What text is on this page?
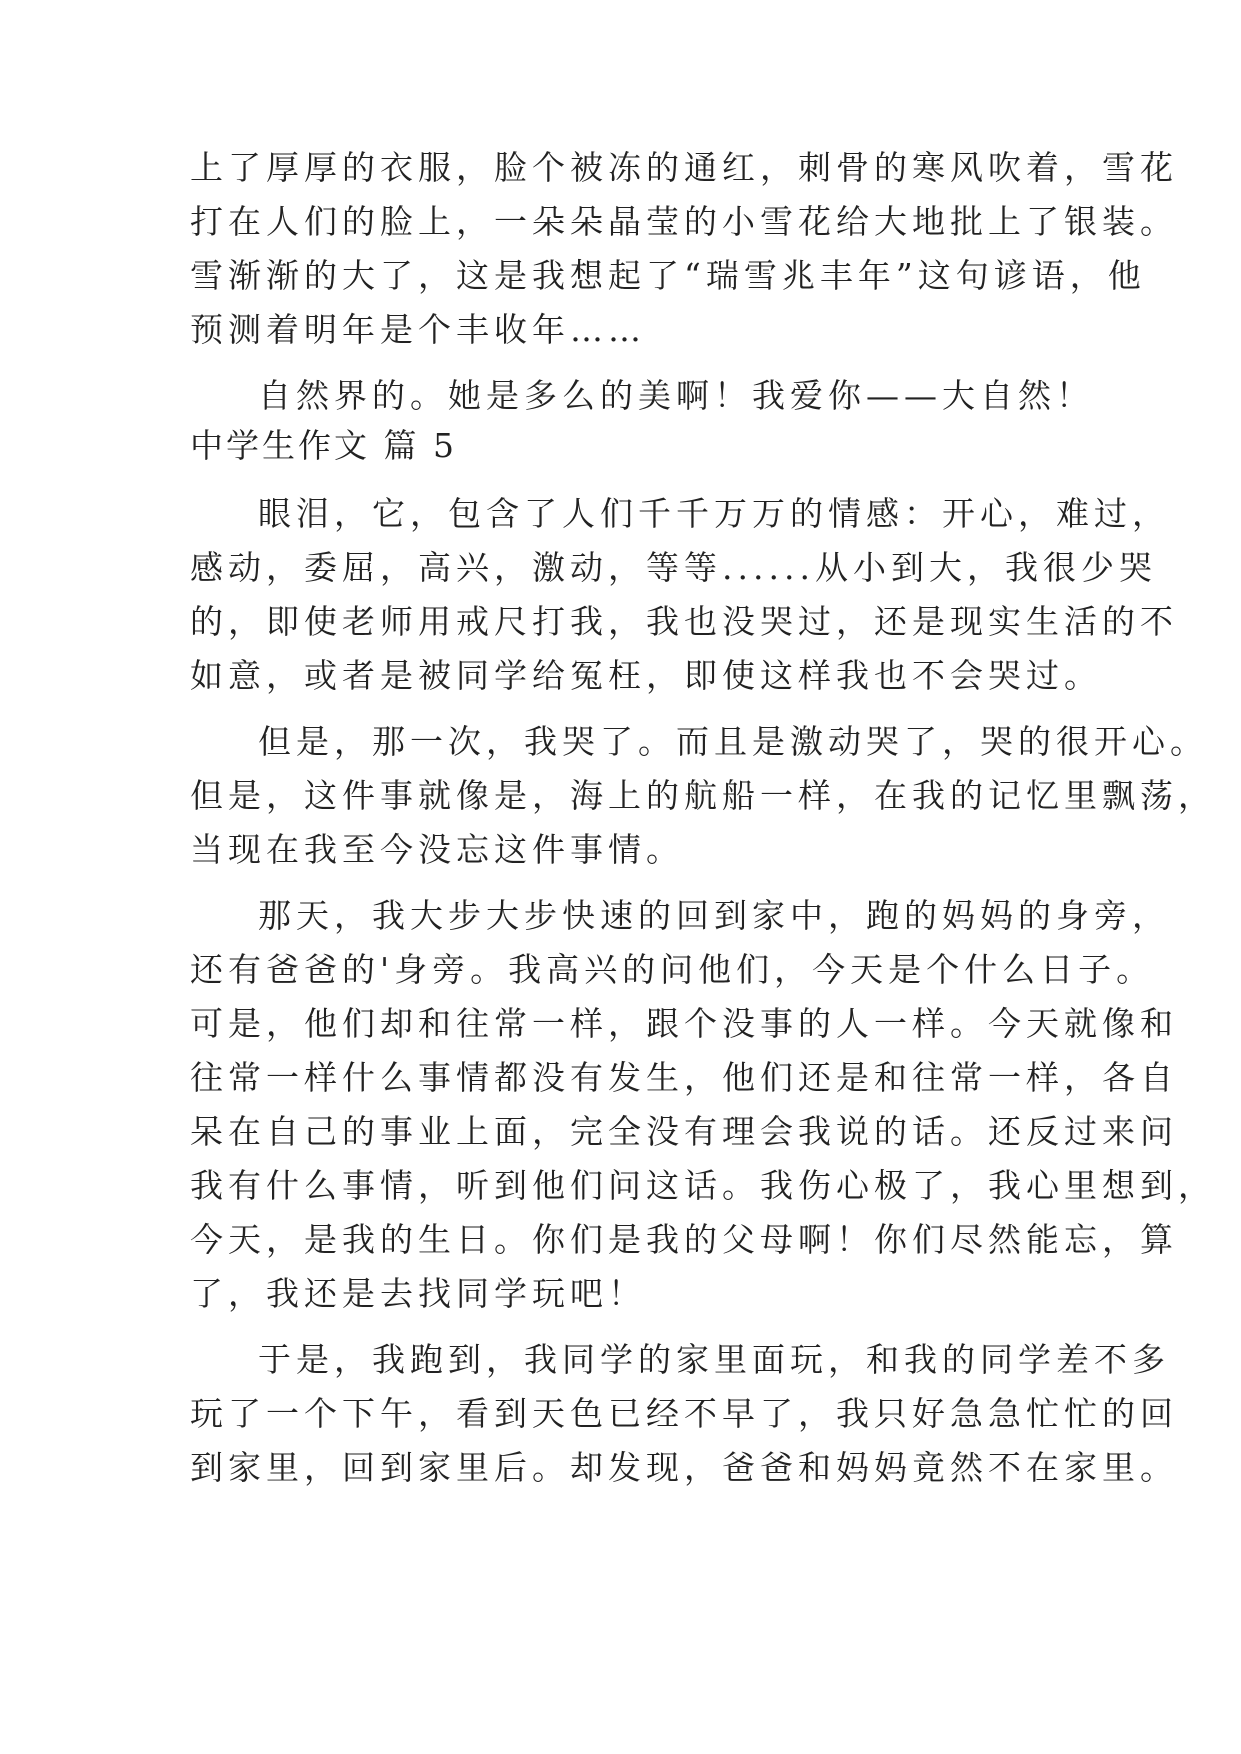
上了厚厚的衣服，脸个被冻的通红，刺骨的寒风吹着，雪花
打在人们的脸上，一朵朵晶莹的小雪花给大地批上了银装。
雪渐渐的大了，这是我想起了“瑞雪兆丰年”这句谚语，他
预测着明年是个丰收年……
自然界的。她是多么的美啊！我爱你——大自然！
中学生作文 篇 5
眼泪，它，包含了人们千千万万的情感：开心，难过，
感动，委屈，高兴，激动，等等......从小到大，我很少哭
的，即使老师用戒尺打我，我也没哭过，还是现实生活的不
如意，或者是被同学给冤枉，即使这样我也不会哭过。
但是，那一次，我哭了。而且是激动哭了，哭的很开心。
但是，这件事就像是，海上的航船一样，在我的记忆里飘荡，
当现在我至今没忘这件事情。
那天，我大步大步快速的回到家中，跑的妈妈的身旁，
还有爸爸的'身旁。我高兴的问他们，今天是个什么日子。
可是，他们却和往常一样，跟个没事的人一样。今天就像和
往常一样什么事情都没有发生，他们还是和往常一样，各自
呆在自己的事业上面，完全没有理会我说的话。还反过来问
我有什么事情，听到他们问这话。我伤心极了，我心里想到，
今天，是我的生日。你们是我的父母啊！你们尽然能忘，算
了，我还是去找同学玩吧！
于是，我跑到，我同学的家里面玩，和我的同学差不多
玩了一个下午，看到天色已经不早了，我只好急急忙忙的回
到家里，回到家里后。却发现，爸爸和妈妈竟然不在家里。
